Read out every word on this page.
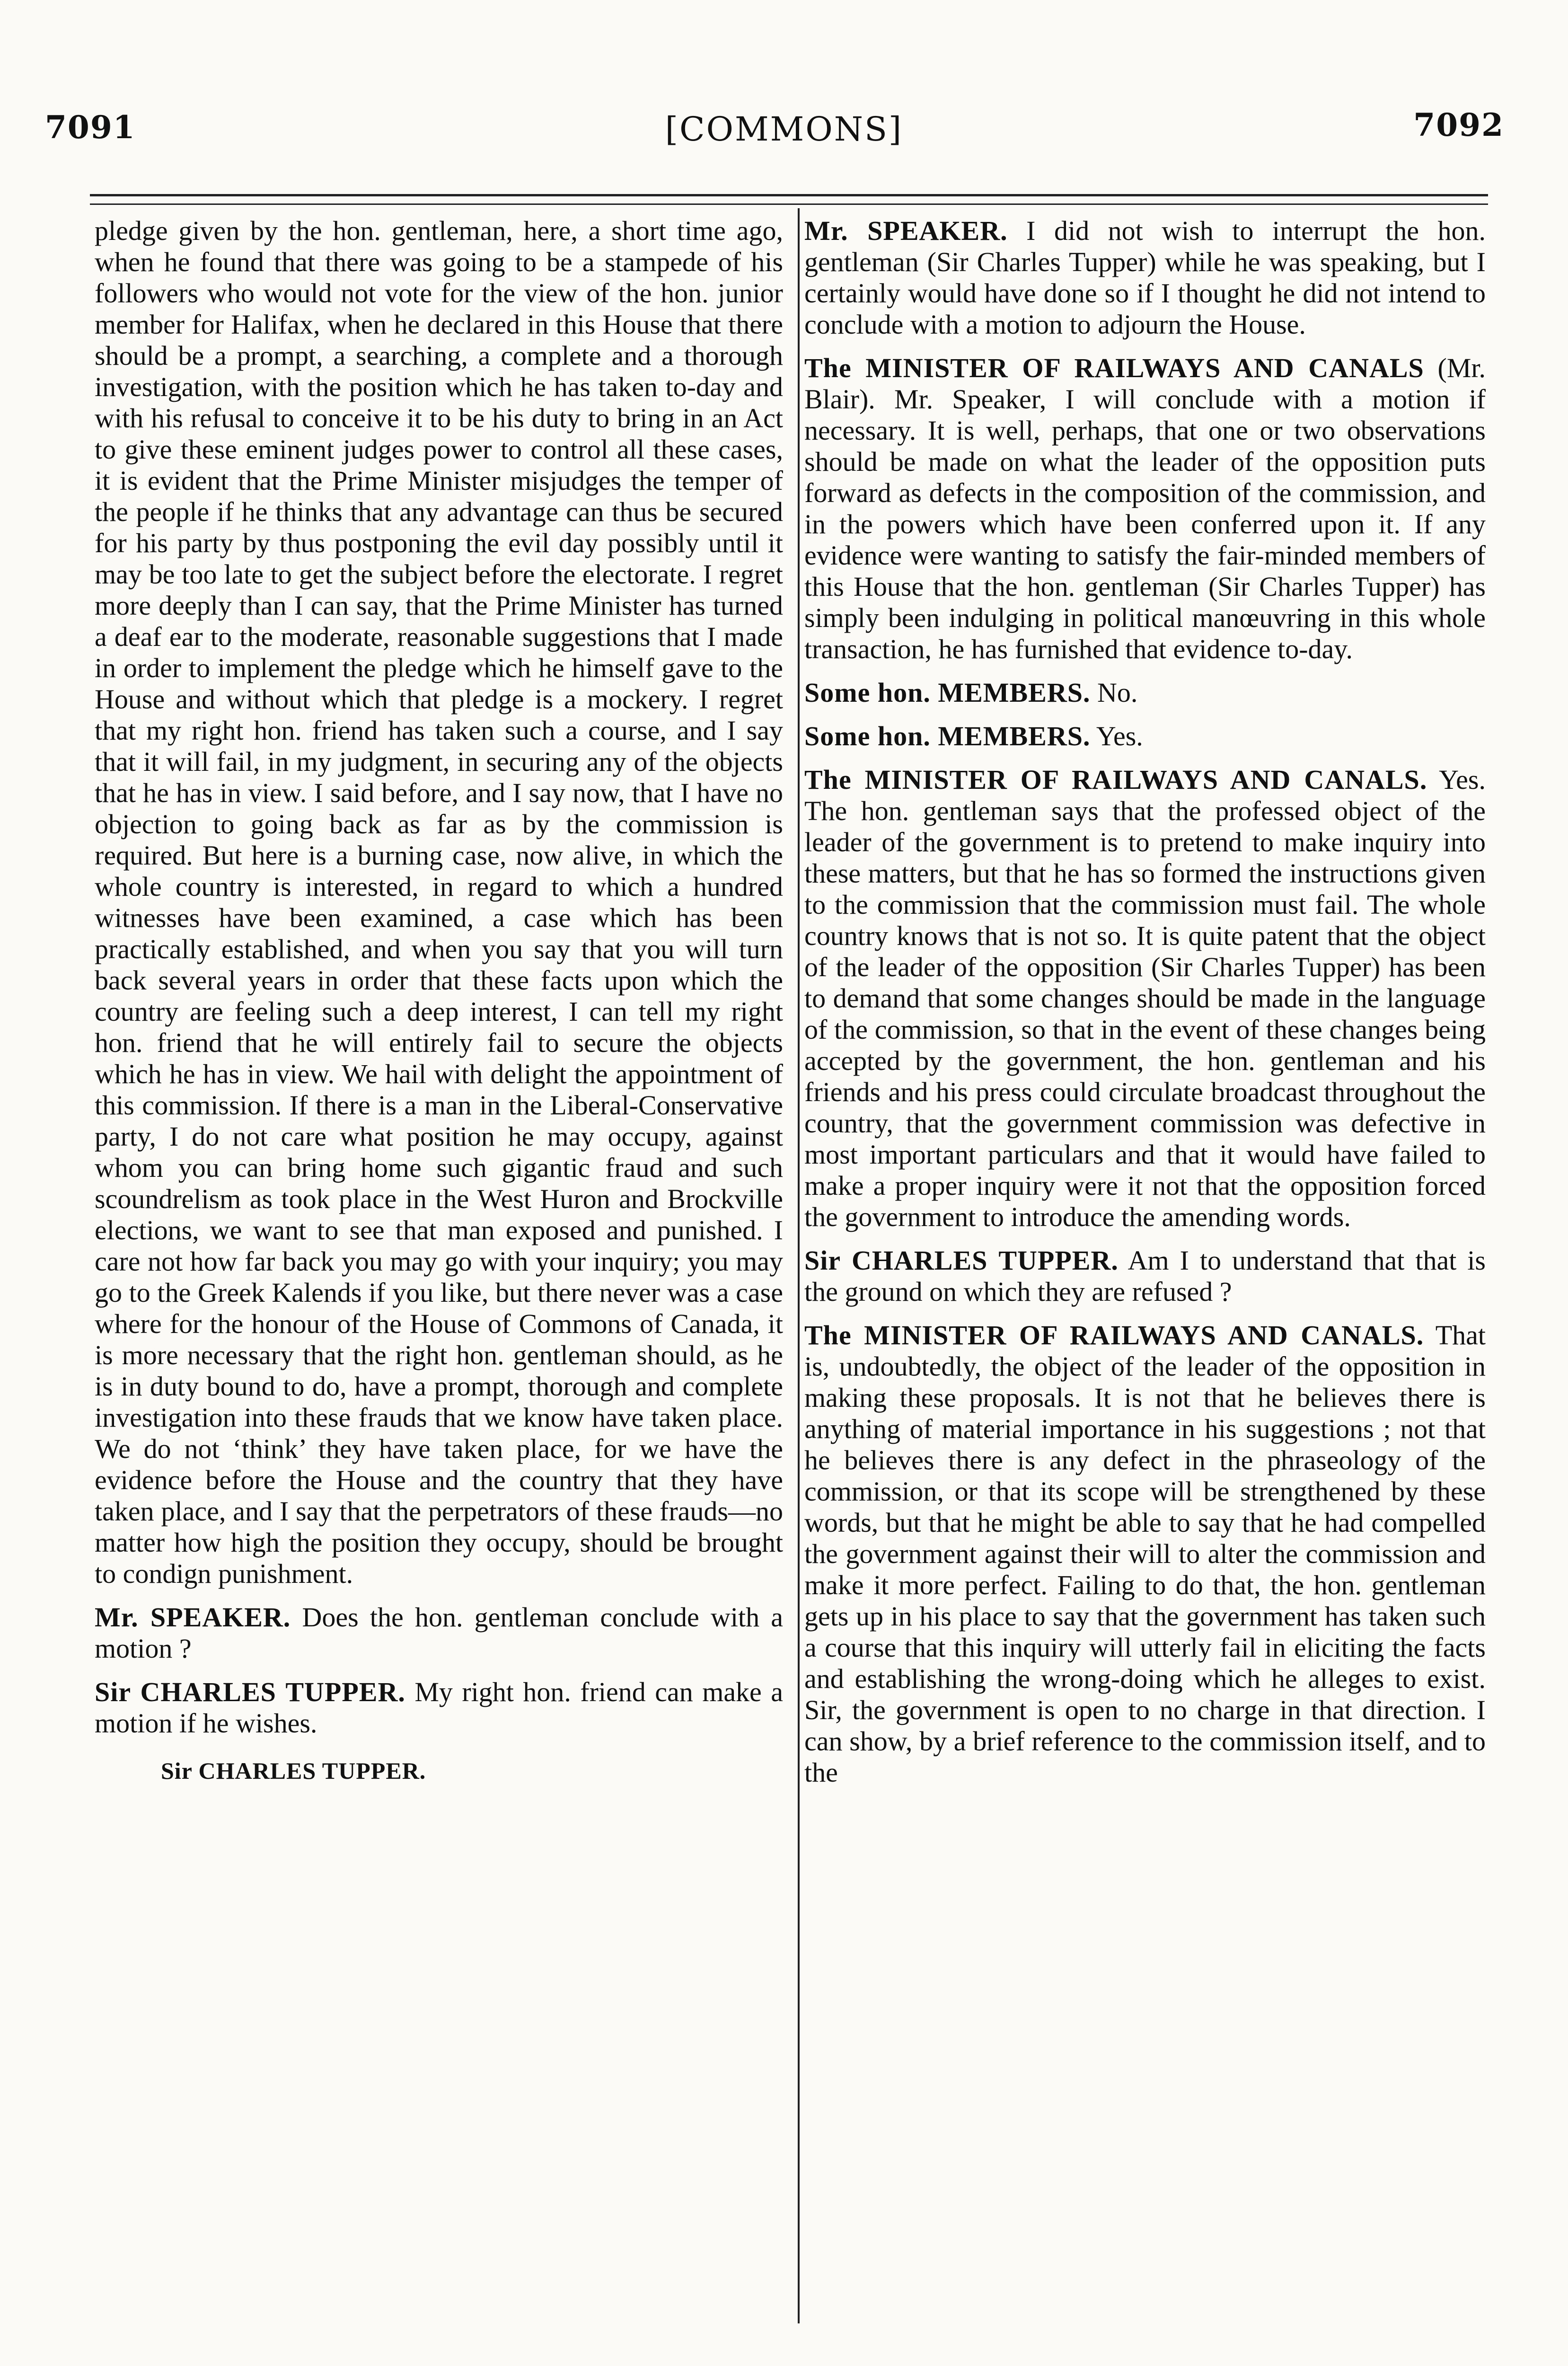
7091	[COMMONS]	7092

pledge given by the hon. gentleman, here, a short time ago, when he found that there was going to be a stampede of his followers who would not vote for the view of the hon. junior member for Halifax, when he declared in this House that there should be a prompt, a searching, a complete and a thorough investigation, with the position which he has taken to-day and with his refusal to conceive it to be his duty to bring in an Act to give these eminent judges power to control all these cases, it is evident that the Prime Minister misjudges the temper of the people if he thinks that any advantage can thus be secured for his party by thus postponing the evil day possibly until it may be too late to get the subject before the electorate. I regret more deeply than I can say, that the Prime Minister has turned a deaf ear to the moderate, reasonable suggestions that I made in order to implement the pledge which he himself gave to the House and without which that pledge is a mockery. I regret that my right hon. friend has taken such a course, and I say that it will fail, in my judgment, in securing any of the objects that he has in view. I said before, and I say now, that I have no objection to going back as far as by the commission is required. But here is a burning case, now alive, in which the whole country is interested, in regard to which a hundred witnesses have been examined, a case which has been practically established, and when you say that you will turn back several years in order that these facts upon which the country are feeling such a deep interest, I can tell my right hon. friend that he will entirely fail to secure the objects which he has in view. We hail with delight the appointment of this commission. If there is a man in the Liberal-Conservative party, I do not care what position he may occupy, against whom you can bring home such gigantic fraud and such scoundrelism as took place in the West Huron and Brockville elections, we want to see that man exposed and punished. I care not how far back you may go with your inquiry; you may go to the Greek Kalends if you like, but there never was a case where for the honour of the House of Commons of Canada, it is more necessary that the right hon. gentleman should, as he is in duty bound to do, have a prompt, thorough and complete investigation into these frauds that we know have taken place. We do not ‘think’ they have taken place, for we have the evidence before the House and the country that they have taken place, and I say that the perpetrators of these frauds—no matter how high the position they occupy, should be brought to condign punishment.

Mr. SPEAKER. Does the hon. gentleman conclude with a motion ?

Sir CHARLES TUPPER. My right hon. friend can make a motion if he wishes.

Sir CHARLES TUPPER.

Mr. SPEAKER. I did not wish to interrupt the hon. gentleman (Sir Charles Tupper) while he was speaking, but I certainly would have done so if I thought he did not intend to conclude with a motion to adjourn the House.

The MINISTER OF RAILWAYS AND CANALS (Mr. Blair). Mr. Speaker, I will conclude with a motion if necessary. It is well, perhaps, that one or two observations should be made on what the leader of the opposition puts forward as defects in the composition of the commission, and in the powers which have been conferred upon it. If any evidence were wanting to satisfy the fair-minded members of this House that the hon. gentleman (Sir Charles Tupper) has simply been indulging in political manœuvring in this whole transaction, he has furnished that evidence to-day.

Some hon. MEMBERS. No.

Some hon. MEMBERS. Yes.

The MINISTER OF RAILWAYS AND CANALS. Yes. The hon. gentleman says that the professed object of the leader of the government is to pretend to make inquiry into these matters, but that he has so formed the instructions given to the commission that the commission must fail. The whole country knows that is not so. It is quite patent that the object of the leader of the opposition (Sir Charles Tupper) has been to demand that some changes should be made in the language of the commission, so that in the event of these changes being accepted by the government, the hon. gentleman and his friends and his press could circulate broadcast throughout the country, that the government commission was defective in most important particulars and that it would have failed to make a proper inquiry were it not that the opposition forced the government to introduce the amending words.

Sir CHARLES TUPPER. Am I to understand that that is the ground on which they are refused ?

The MINISTER OF RAILWAYS AND CANALS. That is, undoubtedly, the object of the leader of the opposition in making these proposals. It is not that he believes there is anything of material importance in his suggestions ; not that he believes there is any defect in the phraseology of the commission, or that its scope will be strengthened by these words, but that he might be able to say that he had compelled the government against their will to alter the commission and make it more perfect. Failing to do that, the hon. gentleman gets up in his place to say that the government has taken such a course that this inquiry will utterly fail in eliciting the facts and establishing the wrong-doing which he alleges to exist. Sir, the government is open to no charge in that direction. I can show, by a brief reference to the commission itself, and to the
